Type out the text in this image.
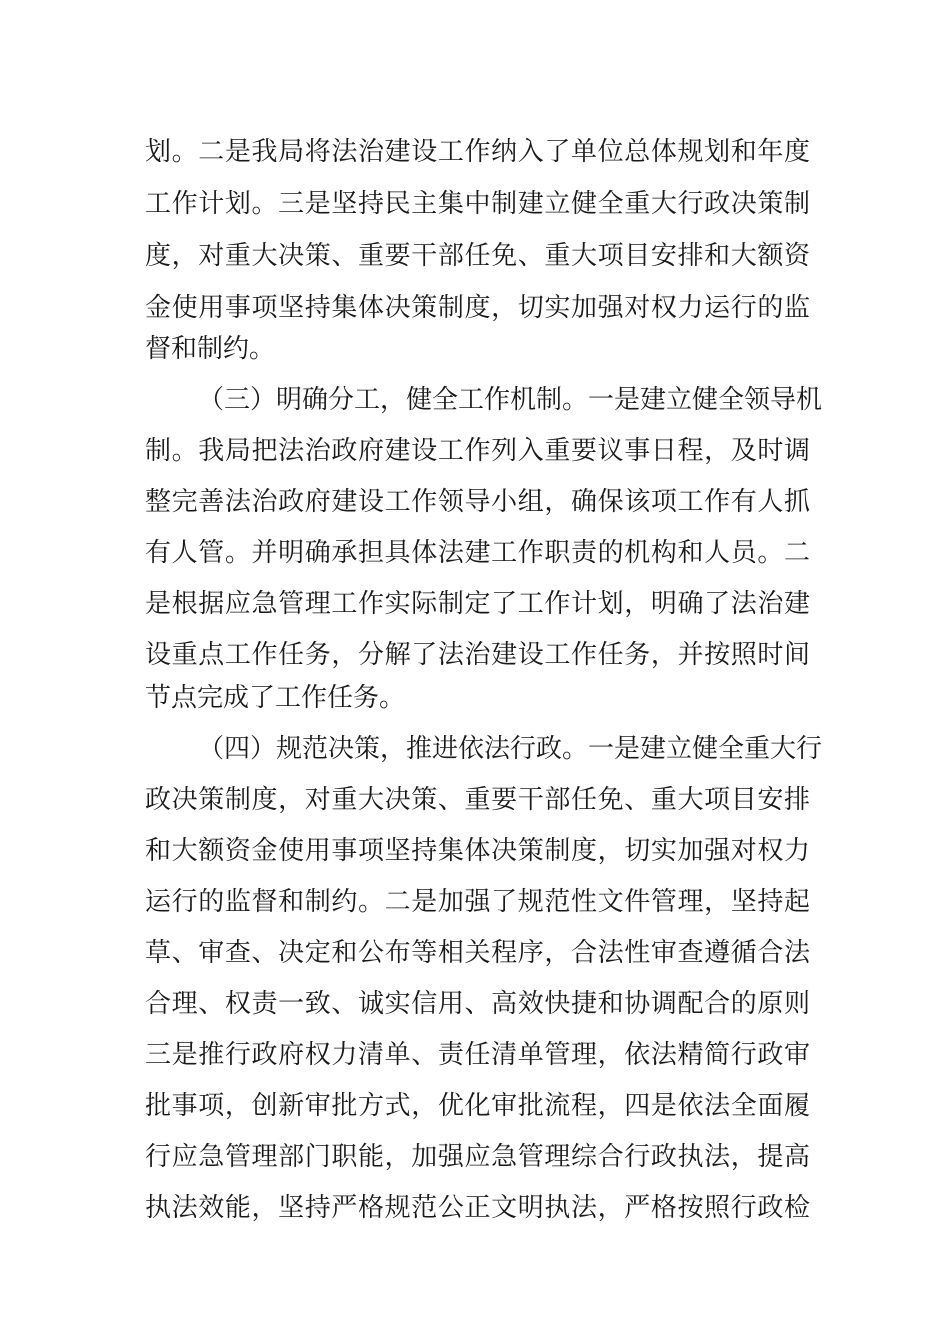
划。二是我局将法治建设工作纳入了单位总体规划和年度
工作计划。三是坚持民主集中制建立健全重大行政决策制
度，对重大决策、重要干部任免、重大项目安排和大额资
金使用事项坚持集体决策制度，切实加强对权力运行的监
督和制约。
（三）明确分工，健全工作机制。一是建立健全领导机
制。我局把法治政府建设工作列入重要议事日程，及时调
整完善法治政府建设工作领导小组，确保该项工作有人抓
有人管。并明确承担具体法建工作职责的机构和人员。二
是根据应急管理工作实际制定了工作计划，明确了法治建
设重点工作任务，分解了法治建设工作任务，并按照时间
节点完成了工作任务。
（四）规范决策，推进依法行政。一是建立健全重大行
政决策制度，对重大决策、重要干部任免、重大项目安排
和大额资金使用事项坚持集体决策制度，切实加强对权力
运行的监督和制约。二是加强了规范性文件管理，坚持起
草、审查、决定和公布等相关程序，合法性审查遵循合法
合理、权责一致、诚实信用、高效快捷和协调配合的原则
三是推行政府权力清单、责任清单管理，依法精简行政审
批事项，创新审批方式，优化审批流程，四是依法全面履
行应急管理部门职能，加强应急管理综合行政执法，提高
执法效能，坚持严格规范公正文明执法，严格按照行政检
